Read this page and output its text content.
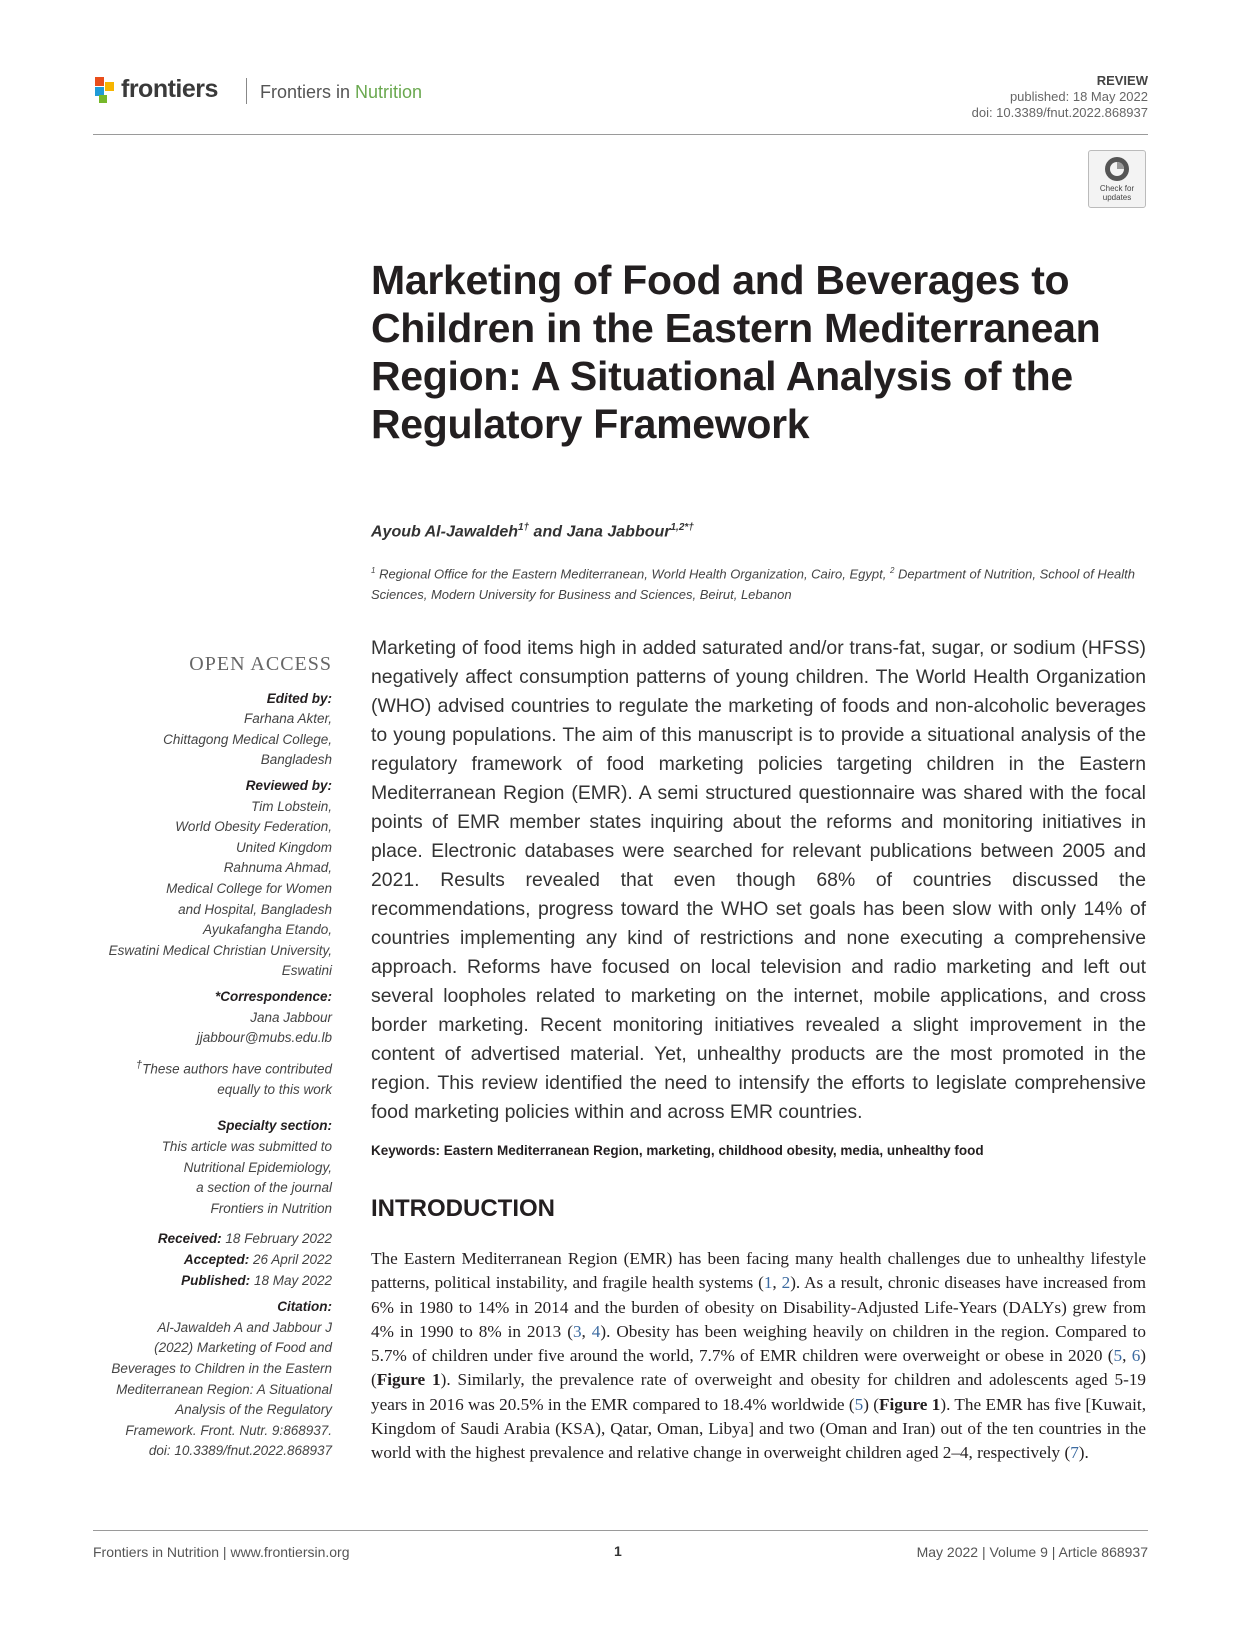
frontiers Frontiers in Nutrition
REVIEW
published: 18 May 2022
doi: 10.3389/fnut.2022.868937
Check for updates
Marketing of Food and Beverages to Children in the Eastern Mediterranean Region: A Situational Analysis of the Regulatory Framework
Ayoub Al-Jawaldeh$^{1\dagger}$ and Jana Jabbour$^{1,2*\dagger}$
$^1$ Regional Office for the Eastern Mediterranean, World Health Organization, Cairo, Egypt, $^2$ Department of Nutrition, School of Health Sciences, Modern University for Business and Sciences, Beirut, Lebanon
OPEN ACCESS
Edited by:
Farhana Akter,
Chittagong Medical College,
Bangladesh
Reviewed by:
Tim Lobstein,
World Obesity Federation,
United Kingdom
Rahnuma Ahmad,
Medical College for Women
and Hospital, Bangladesh
Ayukafangha Etando,
Eswatini Medical Christian University,
Eswatini
*Correspondence:
Jana Jabbour
jjabbour@mubs.edu.lb
†These authors have contributed
equally to this work
Specialty section:
This article was submitted to
Nutritional Epidemiology,
a section of the journal
Frontiers in Nutrition
Received: 18 February 2022
Accepted: 26 April 2022
Published: 18 May 2022
Citation:
Al-Jawaldeh A and Jabbour J
(2022) Marketing of Food and
Beverages to Children in the Eastern
Mediterranean Region: A Situational
Analysis of the Regulatory
Framework. Front. Nutr. 9:868937.
doi: 10.3389/fnut.2022.868937

Marketing of food items high in added saturated and/or trans-fat, sugar, or sodium (HFSS) negatively affect consumption patterns of young children. The World Health Organization (WHO) advised countries to regulate the marketing of foods and non-alcoholic beverages to young populations. The aim of this manuscript is to provide a situational analysis of the regulatory framework of food marketing policies targeting children in the Eastern Mediterranean Region (EMR). A semi structured questionnaire was shared with the focal points of EMR member states inquiring about the reforms and monitoring initiatives in place. Electronic databases were searched for relevant publications between 2005 and 2021. Results revealed that even though 68% of countries discussed the recommendations, progress toward the WHO set goals has been slow with only 14% of countries implementing any kind of restrictions and none executing a comprehensive approach. Reforms have focused on local television and radio marketing and left out several loopholes related to marketing on the internet, mobile applications, and cross border marketing. Recent monitoring initiatives revealed a slight improvement in the content of advertised material. Yet, unhealthy products are the most promoted in the region. This review identified the need to intensify the efforts to legislate comprehensive food marketing policies within and across EMR countries.

Keywords: Eastern Mediterranean Region, marketing, childhood obesity, media, unhealthy food
INTRODUCTION

The Eastern Mediterranean Region (EMR) has been facing many health challenges due to unhealthy lifestyle patterns, political instability, and fragile health systems (1, 2). As a result, chronic diseases have increased from 6% in 1980 to 14% in 2014 and the burden of obesity on Disability-Adjusted Life-Years (DALYs) grew from 4% in 1990 to 8% in 2013 (3, 4). Obesity has been weighing heavily on children in the region. Compared to 5.7% of children under five around the world, 7.7% of EMR children were overweight or obese in 2020 (5, 6) (Figure 1). Similarly, the prevalence rate of overweight and obesity for children and adolescents aged 5-19 years in 2016 was 20.5% in the EMR compared to 18.4% worldwide (5) (Figure 1). The EMR has five [Kuwait, Kingdom of Saudi Arabia (KSA), Qatar, Oman, Libya] and two (Oman and Iran) out of the ten countries in the world with the highest prevalence and relative change in overweight children aged 2–4, respectively (7).

Frontiers in Nutrition | www.frontiersin.org	1	May 2022 | Volume 9 | Article 868937
